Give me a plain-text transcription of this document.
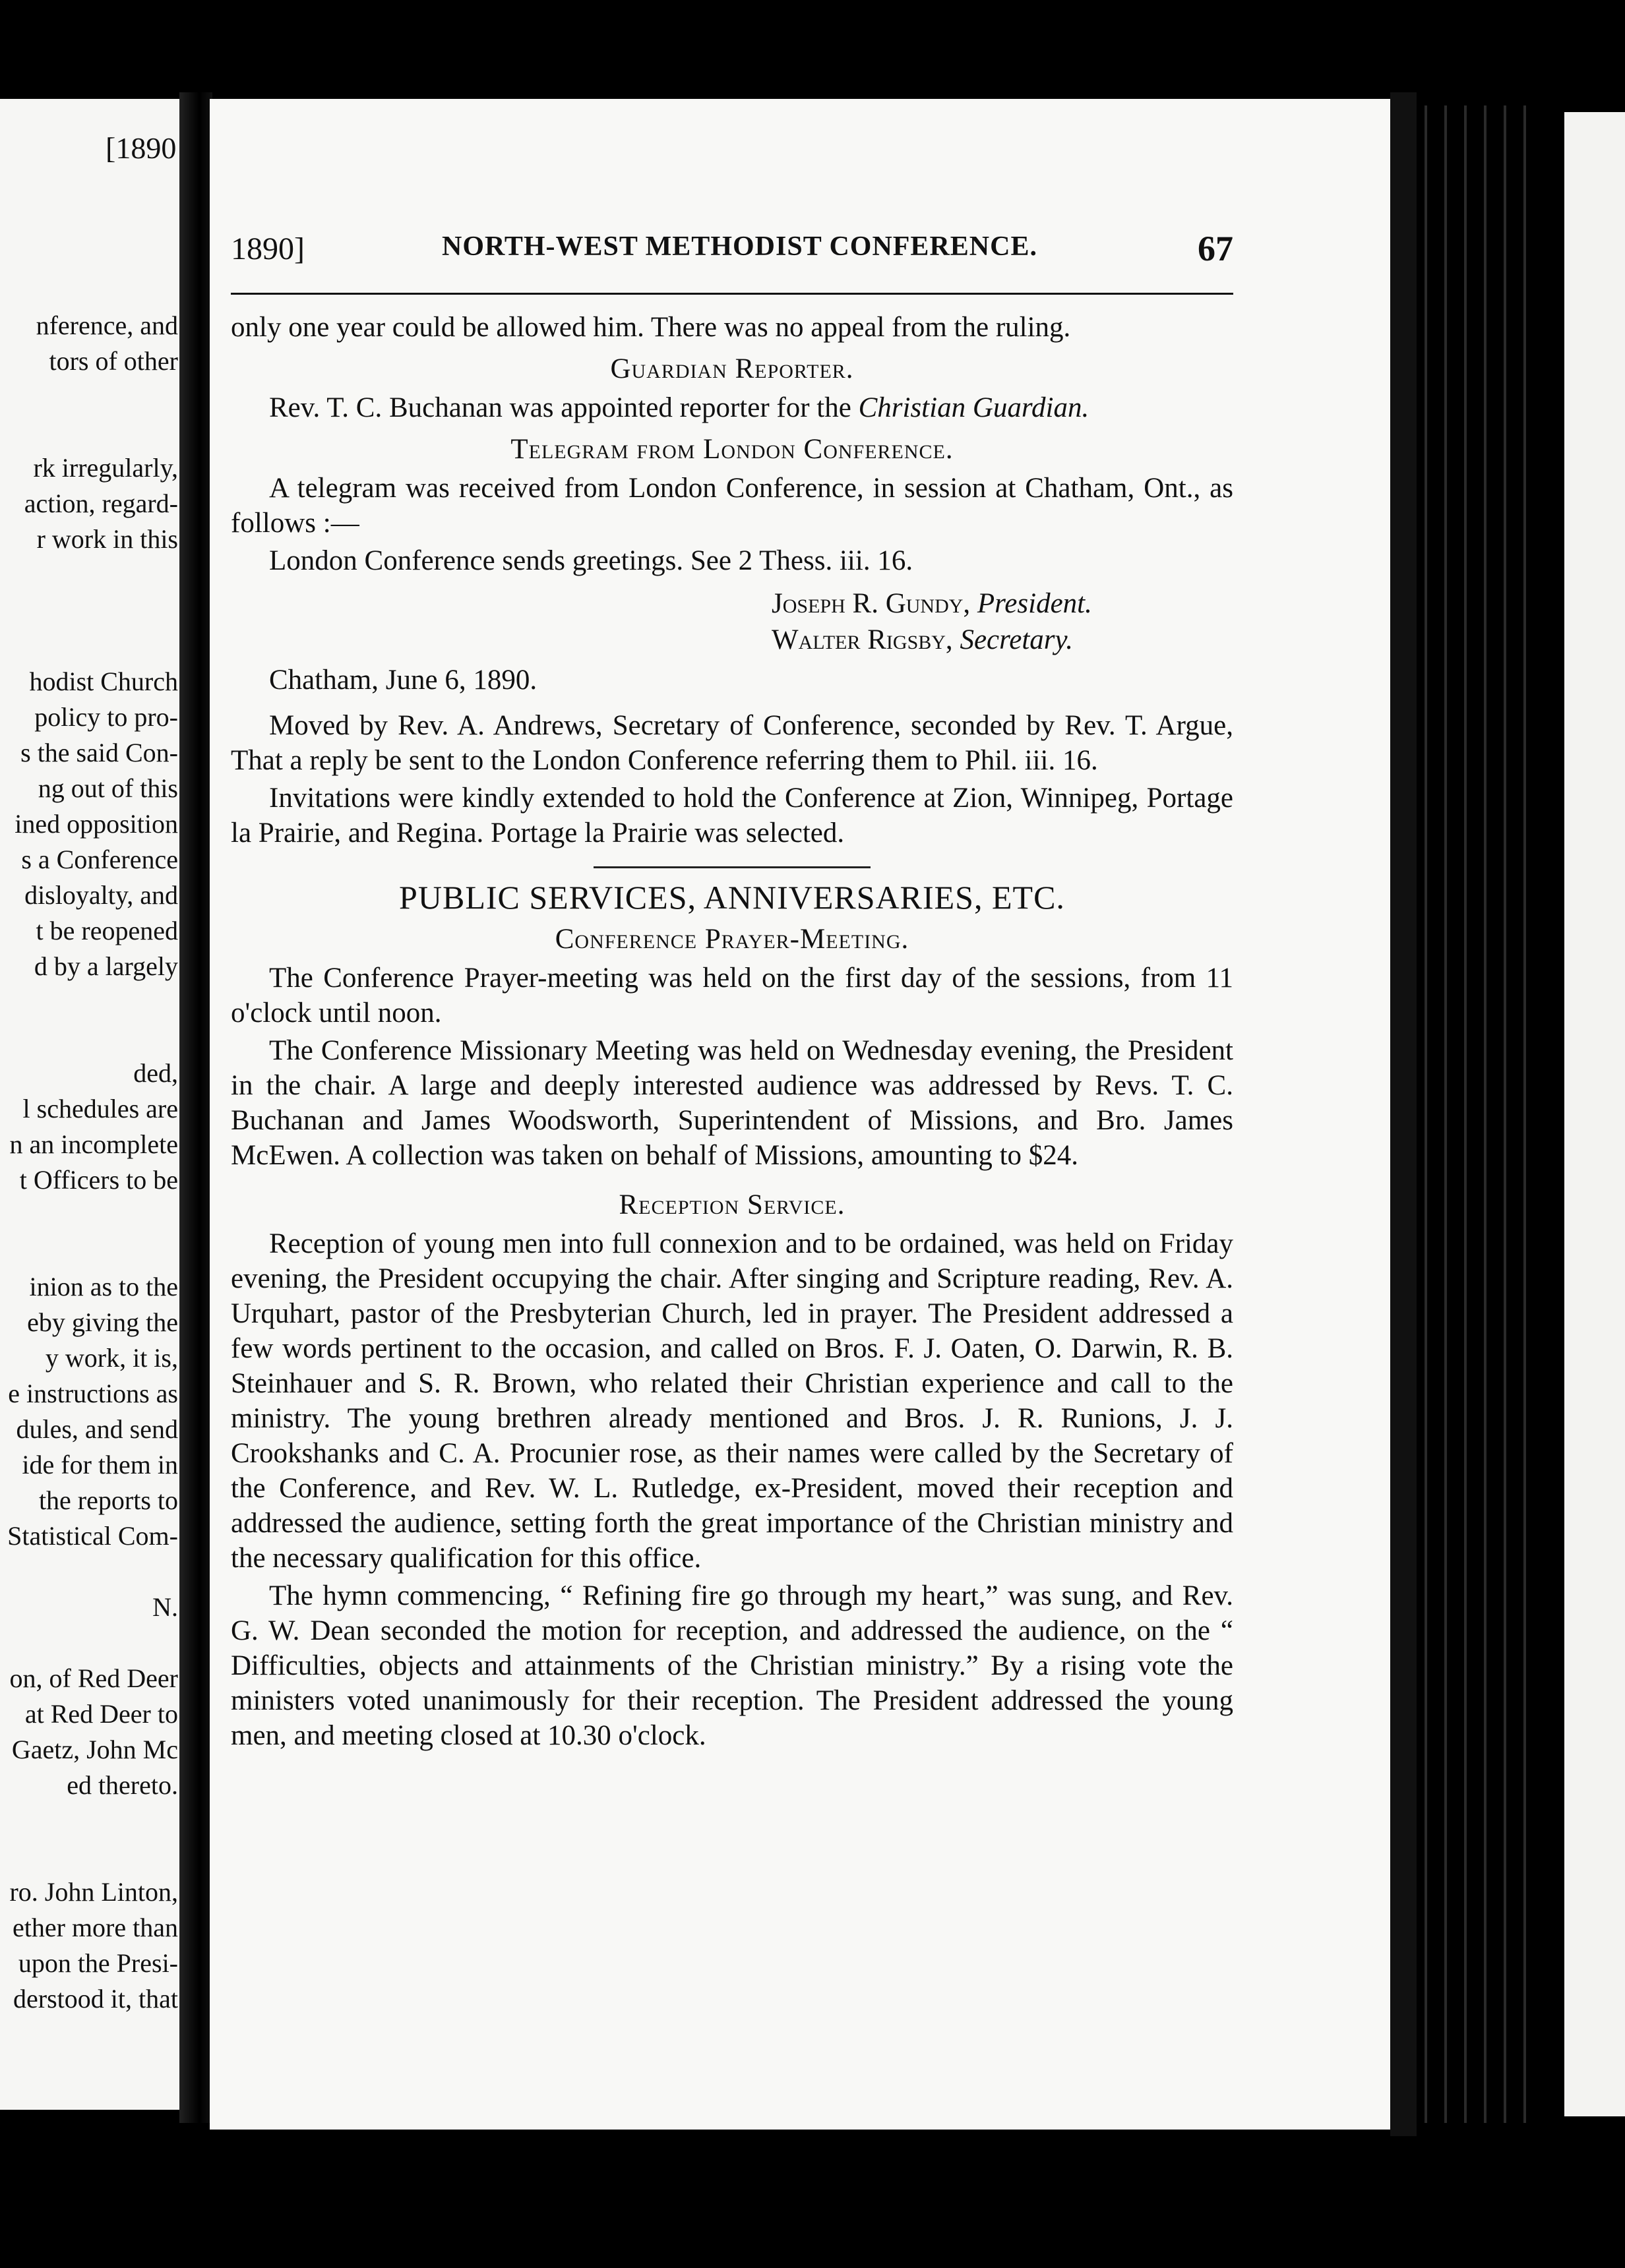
nference, and
tors of other
rk irregularly,
action, regard-
r work in this
hodist Church
policy to pro-
s the said Con-
ng out of this
ined opposition
s a Conference
disloyalty, and
t be reopened
d by a largely
ded,
l schedules are
n an incomplete
t Officers to be
inion as to the
eby giving the
y work, it is,
e instructions as
dules, and send
ide for them in
the reports to
Statistical Com-
N.
on, of Red Deer
at Red Deer to
Gaetz, John Mc
ed thereto.
ro. John Linton,
ether more than
upon the Presi-
derstood it, that
[1890
1890]	NORTH-WEST METHODIST CONFERENCE.	67

only one year could be allowed him. There was no appeal from the ruling.

Guardian Reporter.

Rev. T. C. Buchanan was appointed reporter for the Christian Guardian.

Telegram from London Conference.

A telegram was received from London Conference, in session at Chatham, Ont., as follows :—

London Conference sends greetings. See 2 Thess. iii. 16.

Joseph R. Gundy, President.
Walter Rigsby, Secretary.
Chatham, June 6, 1890.

Moved by Rev. A. Andrews, Secretary of Conference, seconded by Rev. T. Argue, That a reply be sent to the London Conference referring them to Phil. iii. 16.

Invitations were kindly extended to hold the Conference at Zion, Winnipeg, Portage la Prairie, and Regina. Portage la Prairie was selected.

PUBLIC SERVICES, ANNIVERSARIES, ETC.
Conference Prayer-Meeting.

The Conference Prayer-meeting was held on the first day of the sessions, from 11 o'clock until noon.

The Conference Missionary Meeting was held on Wednesday evening, the President in the chair. A large and deeply interested audience was addressed by Revs. T. C. Buchanan and James Woodsworth, Superintendent of Missions, and Bro. James McEwen. A collection was taken on behalf of Missions, amounting to $24.

Reception Service.

Reception of young men into full connexion and to be ordained, was held on Friday evening, the President occupying the chair. After singing and Scripture reading, Rev. A. Urquhart, pastor of the Presbyterian Church, led in prayer. The President addressed a few words pertinent to the occasion, and called on Bros. F. J. Oaten, O. Darwin, R. B. Steinhauer and S. R. Brown, who related their Christian experience and call to the ministry. The young brethren already mentioned and Bros. J. R. Runions, J. J. Crookshanks and C. A. Procunier rose, as their names were called by the Secretary of the Conference, and Rev. W. L. Rutledge, ex-President, moved their reception and addressed the audience, setting forth the great importance of the Christian ministry and the necessary qualification for this office.

The hymn commencing, “ Refining fire go through my heart,” was sung, and Rev. G. W. Dean seconded the motion for reception, and addressed the audience, on the “ Difficulties, objects and attainments of the Christian ministry.” By a rising vote the ministers voted unanimously for their reception. The President addressed the young men, and meeting closed at 10.30 o'clock.
